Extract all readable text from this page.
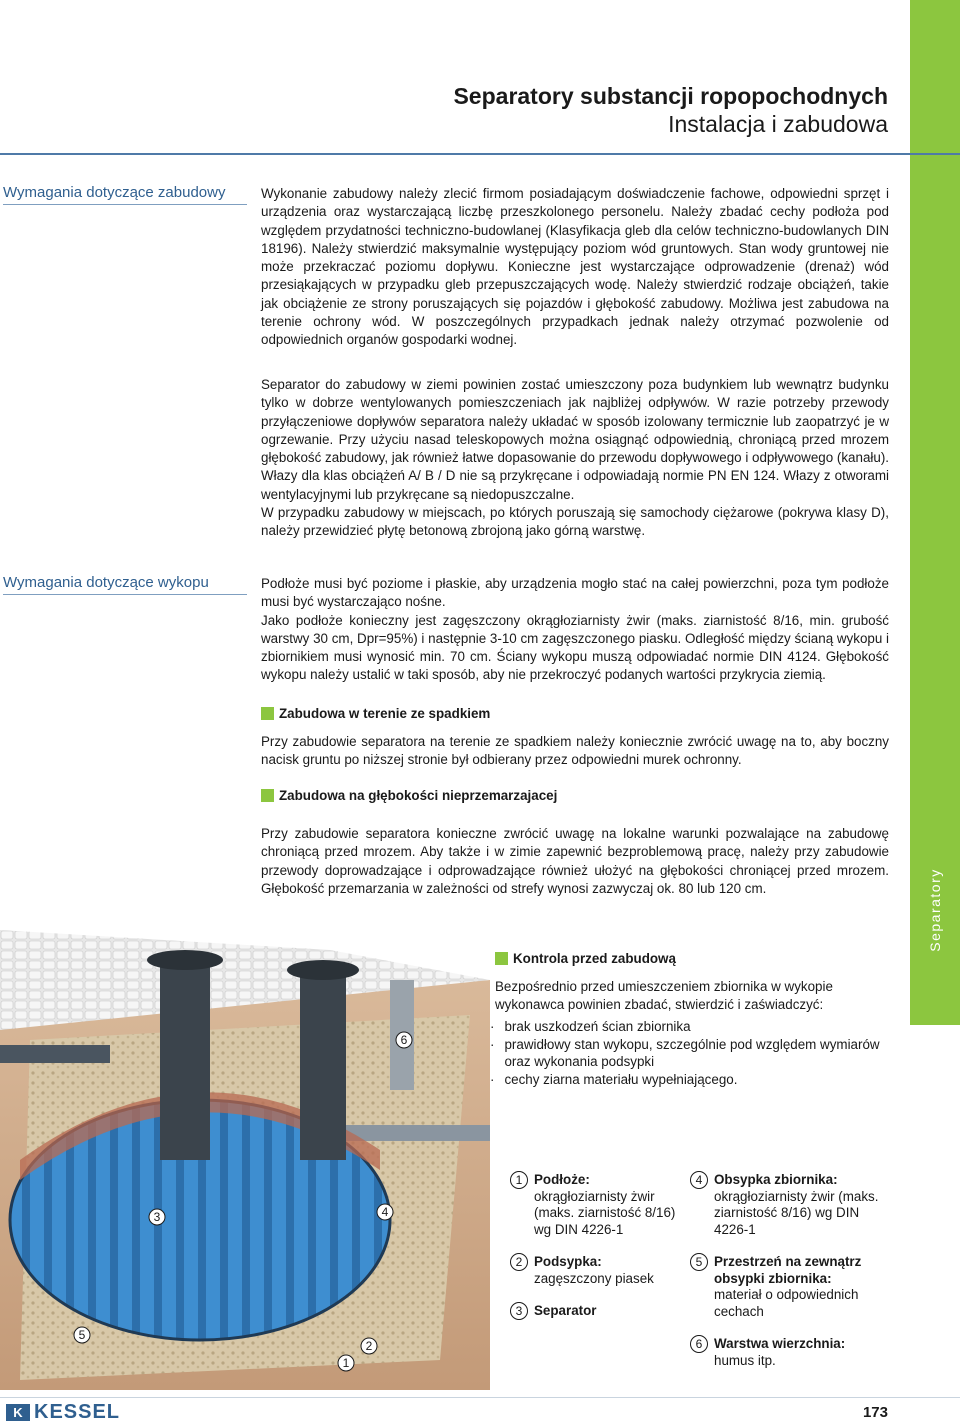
Separatory
Separatory substancji ropopochodnych
Instalacja i zabudowa
Wymagania dotyczące zabudowy	Wykonanie zabudowy należy zlecić firmom posiadającym doświadczenie fachowe, odpowiedni sprzęt i urządzenia oraz wystarczającą liczbę przeszkolonego personelu. Należy zbadać cechy podłoża pod względem przydatności techniczno-budowlanej (Klasyfikacja gleb dla celów techniczno-budowlanych DIN 18196). Należy stwierdzić maksymalnie występujący poziom wód gruntowych. Stan wody gruntowej nie może przekraczać poziomu dopływu. Konieczne jest wystarczające odprowadzenie (drenaż) wód przesiąkających w przypadku gleb przepuszczających wodę. Należy stwierdzić rodzaje obciążeń, takie jak obciążenie ze strony poruszających się pojazdów i głębokość zabudowy. Możliwa jest zabudowa na terenie ochrony wód. W poszczególnych przypadkach jednak należy otrzymać pozwolenie od odpowiednich organów gospodarki wodnej.

Separator do zabudowy w ziemi powinien zostać umieszczony poza budynkiem lub wewnątrz budynku tylko w dobrze wentylowanych pomieszczeniach jak najbliżej odpływów. W razie potrzeby przewody przyłączeniowe dopływów separatora należy układać w sposób izolowany termicznie lub zaopatrzyć je w ogrzewanie. Przy użyciu nasad teleskopowych można osiągnąć odpowiednią, chroniącą przed mrozem głębokość zabudowy, jak również łatwe dopasowanie do przewodu dopływowego i odpływowego (kanału). Włazy dla klas obciążeń A/ B / D nie są przykręcane i odpowiadają normie PN EN 124. Włazy z otworami wentylacyjnymi lub przykręcane są niedopuszczalne.

W przypadku zabudowy w miejscach, po których poruszają się samochody ciężarowe (pokrywa klasy D), należy przewidzieć płytę betonową zbrojoną jako górną warstwę.

Wymagania dotyczące wykopu	Podłoże musi być poziome i płaskie, aby urządzenia mogło stać na całej powierzchni, poza tym podłoże musi być wystarczająco nośne.

Jako podłoże konieczny jest zagęszczony okrągłoziarnisty żwir (maks. ziarnistość 8/16, min. grubość warstwy 30 cm, Dpr=95%) i następnie 3-10 cm zagęszczonego piasku. Odległość między ścianą wykopu i zbiornikiem musi wynosić min. 70 cm. Ściany wykopu muszą odpowiadać normie DIN 4124. Głębokość wykopu należy ustalić w taki sposób, aby nie przekroczyć podanych wartości przykrycia ziemią.

Zabudowa w terenie ze spadkiem

Przy zabudowie separatora na terenie ze spadkiem należy koniecznie zwrócić uwagę na to, aby boczny nacisk gruntu po niższej stronie był odbierany przez odpowiedni murek ochronny.

Zabudowa na głębokości nieprzemarzajacej

Przy zabudowie separatora konieczne zwrócić uwagę na lokalne warunki pozwalające na zabudowę chroniącą przed mrozem. Aby także i w zimie zapewnić bezproblemową pracę, należy przy zabudowie przewody doprowadzające i odprowadzające również ułożyć na głębokości chroniącej przed mrozem. Głębokość przemarzania w zależności od strefy wynosi zazwyczaj ok. 80 lub 120 cm.

6
3	4
5
2
1
Kontrola przed zabudową
Bezpośrednio przed umieszczeniem zbiornika w wykopie wykonawca powinien zbadać, stwierdzić i zaświadczyć:
· brak uszkodzeń ścian zbiornika
· prawidłowy stan wykopu, szczególnie pod względem wymiarów oraz wykonania podsypki
· cechy ziarna materiału wypełniającego.
1 Podłoże:
okrągłoziarnisty żwir (maks. ziarnistość 8/16) wg DIN 4226-1
2 Podsypka:
zagęszczony piasek
3 Separator
4 Obsypka zbiornika:
okrągłoziarnisty żwir (maks. ziarnistość 8/16) wg DIN 4226-1
5 Przestrzeń na zewnątrz obsypki zbiornika:
materiał o odpowiednich cechach
6 Warstwa wierzchnia:
humus itp.
K KESSEL	173
